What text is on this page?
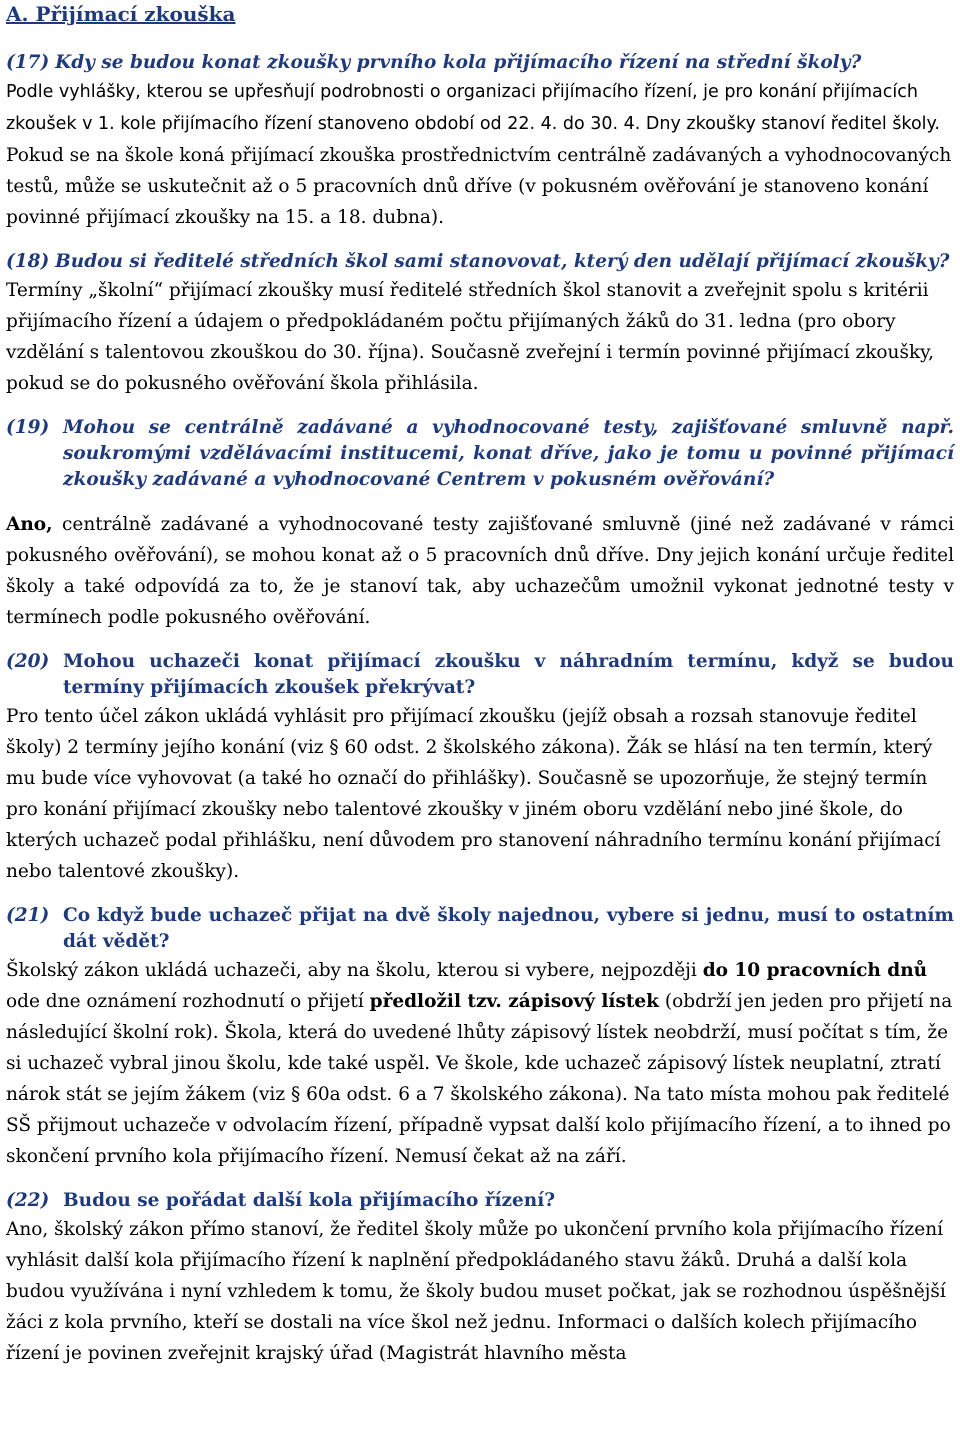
A. Přijímací zkouška

(17) Kdy se budou konat zkoušky prvního kola přijímacího řízení na střední školy?

Podle vyhlášky, kterou se upřesňují podrobnosti o organizaci přijímacího řízení, je pro konání přijímacích zkoušek v 1. kole přijímacího řízení stanoveno období od 22. 4. do 30. 4. Dny zkoušky stanoví ředitel školy. Pokud se na škole koná přijímací zkouška prostřednictvím centrálně zadávaných a vyhodnocovaných testů, může se uskutečnit až o 5 pracovních dnů dříve (v pokusném ověřování je stanoveno konání povinné přijímací zkoušky na 15. a 18. dubna).

(18) Budou si ředitelé středních škol sami stanovovat, který den udělají přijímací zkoušky?

Termíny „školní“ přijímací zkoušky musí ředitelé středních škol stanovit a zveřejnit spolu s kritérii přijímacího řízení a údajem o předpokládaném počtu přijímaných žáků do 31. ledna (pro obory vzdělání s talentovou zkouškou do 30. října). Současně zveřejní i termín povinné přijímací zkoušky, pokud se do pokusného ověřování škola přihlásila.

(19) Mohou se centrálně zadávané a vyhodnocované testy, zajišťované smluvně např. soukromými vzdělávacími institucemi, konat dříve, jako je tomu u povinné přijímací zkoušky zadávané a vyhodnocované Centrem v pokusném ověřování?

Ano, centrálně zadávané a vyhodnocované testy zajišťované smluvně (jiné než zadávané v rámci pokusného ověřování), se mohou konat až o 5 pracovních dnů dříve. Dny jejich konání určuje ředitel školy a také odpovídá za to, že je stanoví tak, aby uchazečům umožnil vykonat jednotné testy v termínech podle pokusného ověřování.

(20) Mohou uchazeči konat přijímací zkoušku v náhradním termínu, když se budou termíny přijímacích zkoušek překrývat?

Pro tento účel zákon ukládá vyhlásit pro přijímací zkoušku (jejíž obsah a rozsah stanovuje ředitel školy) 2 termíny jejího konání (viz § 60 odst. 2 školského zákona). Žák se hlásí na ten termín, který mu bude více vyhovovat (a také ho označí do přihlášky). Současně se upozorňuje, že stejný termín pro konání přijímací zkoušky nebo talentové zkoušky v jiném oboru vzdělání nebo jiné škole, do kterých uchazeč podal přihlášku, není důvodem pro stanovení náhradního termínu konání přijímací nebo talentové zkoušky).

(21) Co když bude uchazeč přijat na dvě školy najednou, vybere si jednu, musí to ostatním dát vědět?

Školský zákon ukládá uchazeči, aby na školu, kterou si vybere, nejpozději do 10 pracovních dnů ode dne oznámení rozhodnutí o přijetí předložil tzv. zápisový lístek (obdrží jen jeden pro přijetí na následující školní rok). Škola, která do uvedené lhůty zápisový lístek neobdrží, musí počítat s tím, že si uchazeč vybral jinou školu, kde také uspěl. Ve škole, kde uchazeč zápisový lístek neuplatní, ztratí nárok stát se jejím žákem (viz § 60a odst. 6 a 7 školského zákona). Na tato místa mohou pak ředitelé SŠ přijmout uchazeče v odvolacím řízení, případně vypsat další kolo přijímacího řízení, a to ihned po skončení prvního kola přijímacího řízení. Nemusí čekat až na září.

(22) Budou se pořádat další kola přijímacího řízení?

Ano, školský zákon přímo stanoví, že ředitel školy může po ukončení prvního kola přijímacího řízení vyhlásit další kola přijímacího řízení k naplnění předpokládaného stavu žáků. Druhá a další kola budou využívána i nyní vzhledem k tomu, že školy budou muset počkat, jak se rozhodnou úspěšnější žáci z kola prvního, kteří se dostali na více škol než jednu. Informaci o dalších kolech přijímacího řízení je povinen zveřejnit krajský úřad (Magistrát hlavního města
